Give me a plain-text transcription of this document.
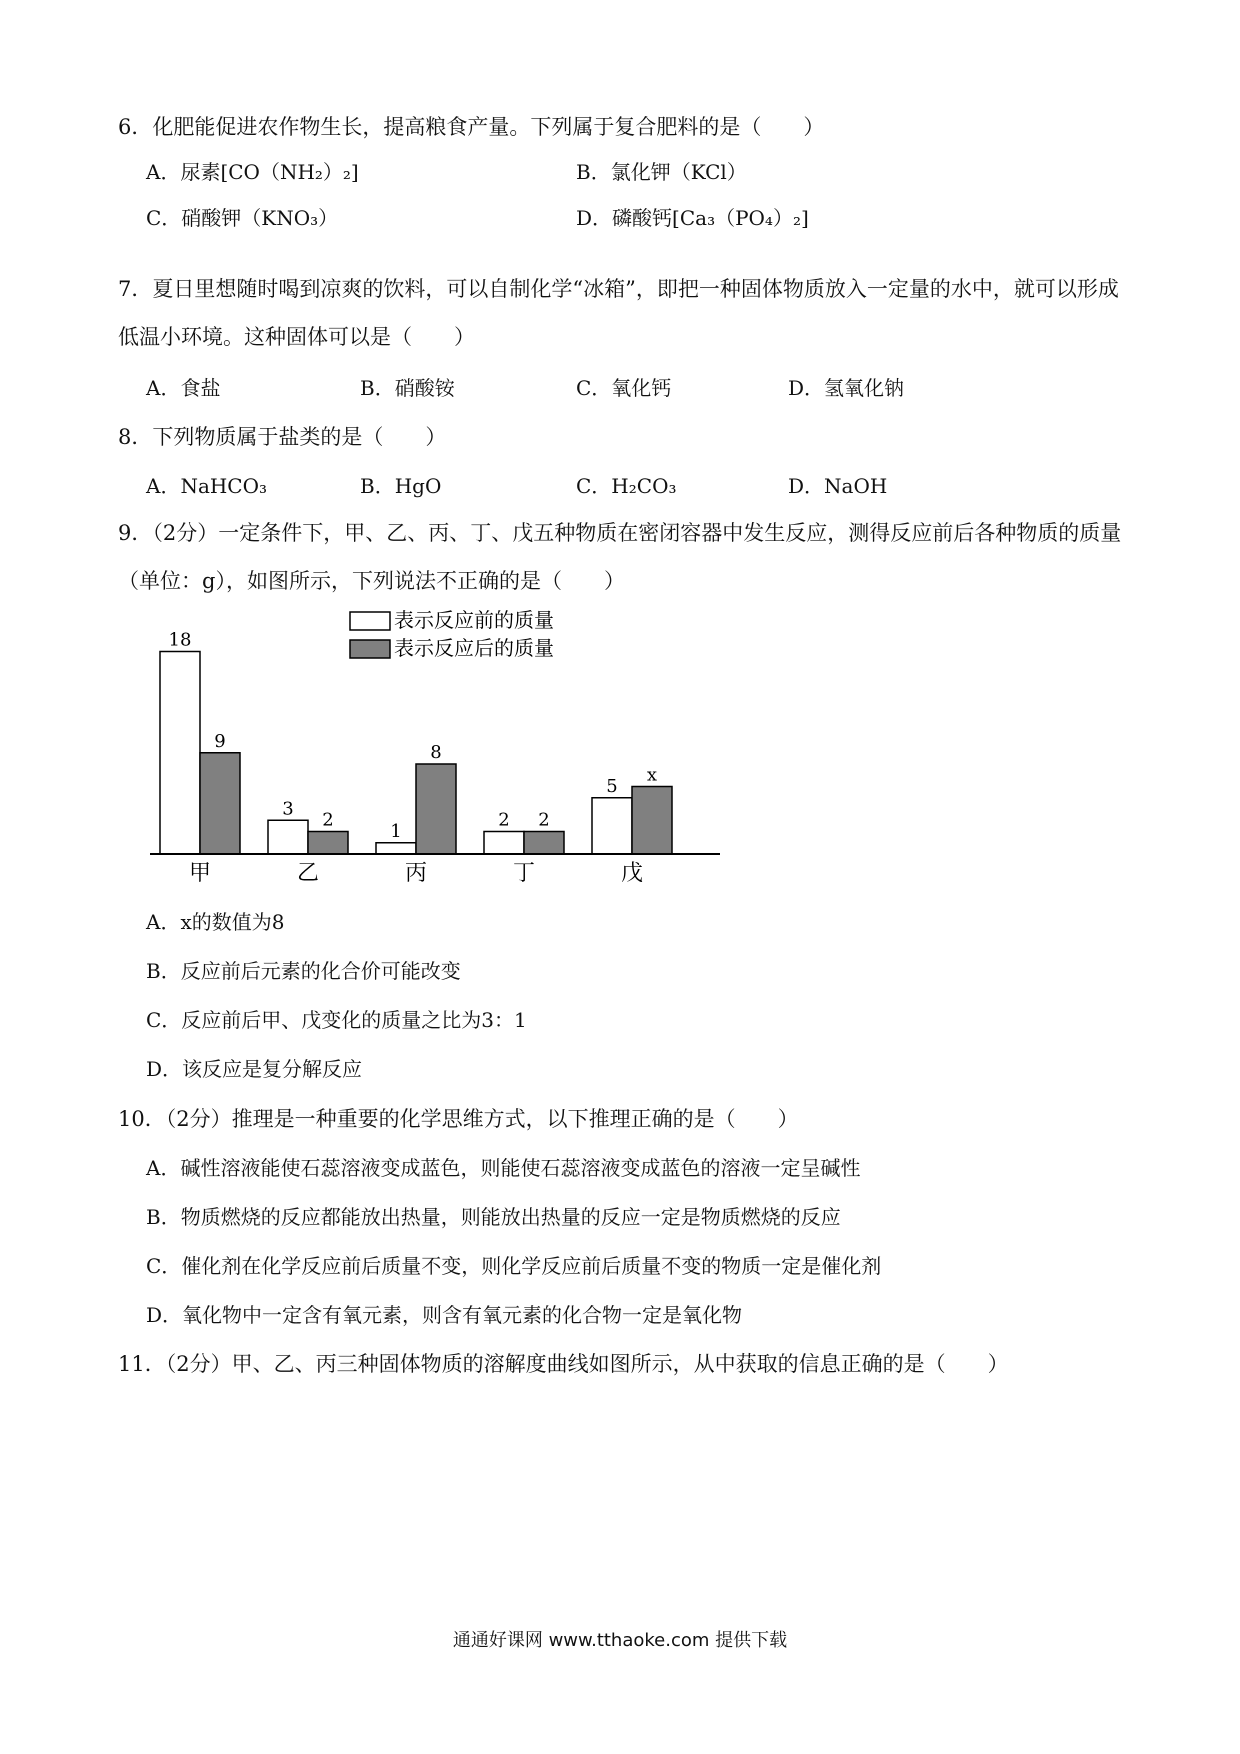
6．化肥能促进农作物生长，提高粮食产量。下列属于复合肥料的是（　　）
A．尿素[CO（NH₂）₂]	B．氯化钾（KCl）
C．硝酸钾（KNO₃）	D．磷酸钙[Ca₃（PO₄）₂]
7．夏日里想随时喝到凉爽的饮料，可以自制化学“冰箱”，即把一种固体物质放入一定量的水中，就可以形成低温小环境。这种固体可以是（　　）
A．食盐	B．硝酸铵	C．氧化钙	D．氢氧化钠
8．下列物质属于盐类的是（　　）
A．NaHCO₃	B．HgO	C．H₂CO₃	D．NaOH
9．（2分）一定条件下，甲、乙、丙、丁、戊五种物质在密闭容器中发生反应，测得反应前后各种物质的质量（单位：g），如图所示，下列说法不正确的是（　　）
表示反应前的质量
表示反应后的质量
18
9
甲
3
2
乙
1
8
丙
2 2
丁
5
x
戊
A．x的数值为8
B．反应前后元素的化合价可能改变
C．反应前后甲、戊变化的质量之比为3：1
D．该反应是复分解反应
10．（2分）推理是一种重要的化学思维方式，以下推理正确的是（　　）
A．碱性溶液能使石蕊溶液变成蓝色，则能使石蕊溶液变成蓝色的溶液一定呈碱性
B．物质燃烧的反应都能放出热量，则能放出热量的反应一定是物质燃烧的反应
C．催化剂在化学反应前后质量不变，则化学反应前后质量不变的物质一定是催化剂
D．氧化物中一定含有氧元素，则含有氧元素的化合物一定是氧化物
11．（2分）甲、乙、丙三种固体物质的溶解度曲线如图所示，从中获取的信息正确的是（　　）
通通好课网 www.tthaoke.com 提供下载
